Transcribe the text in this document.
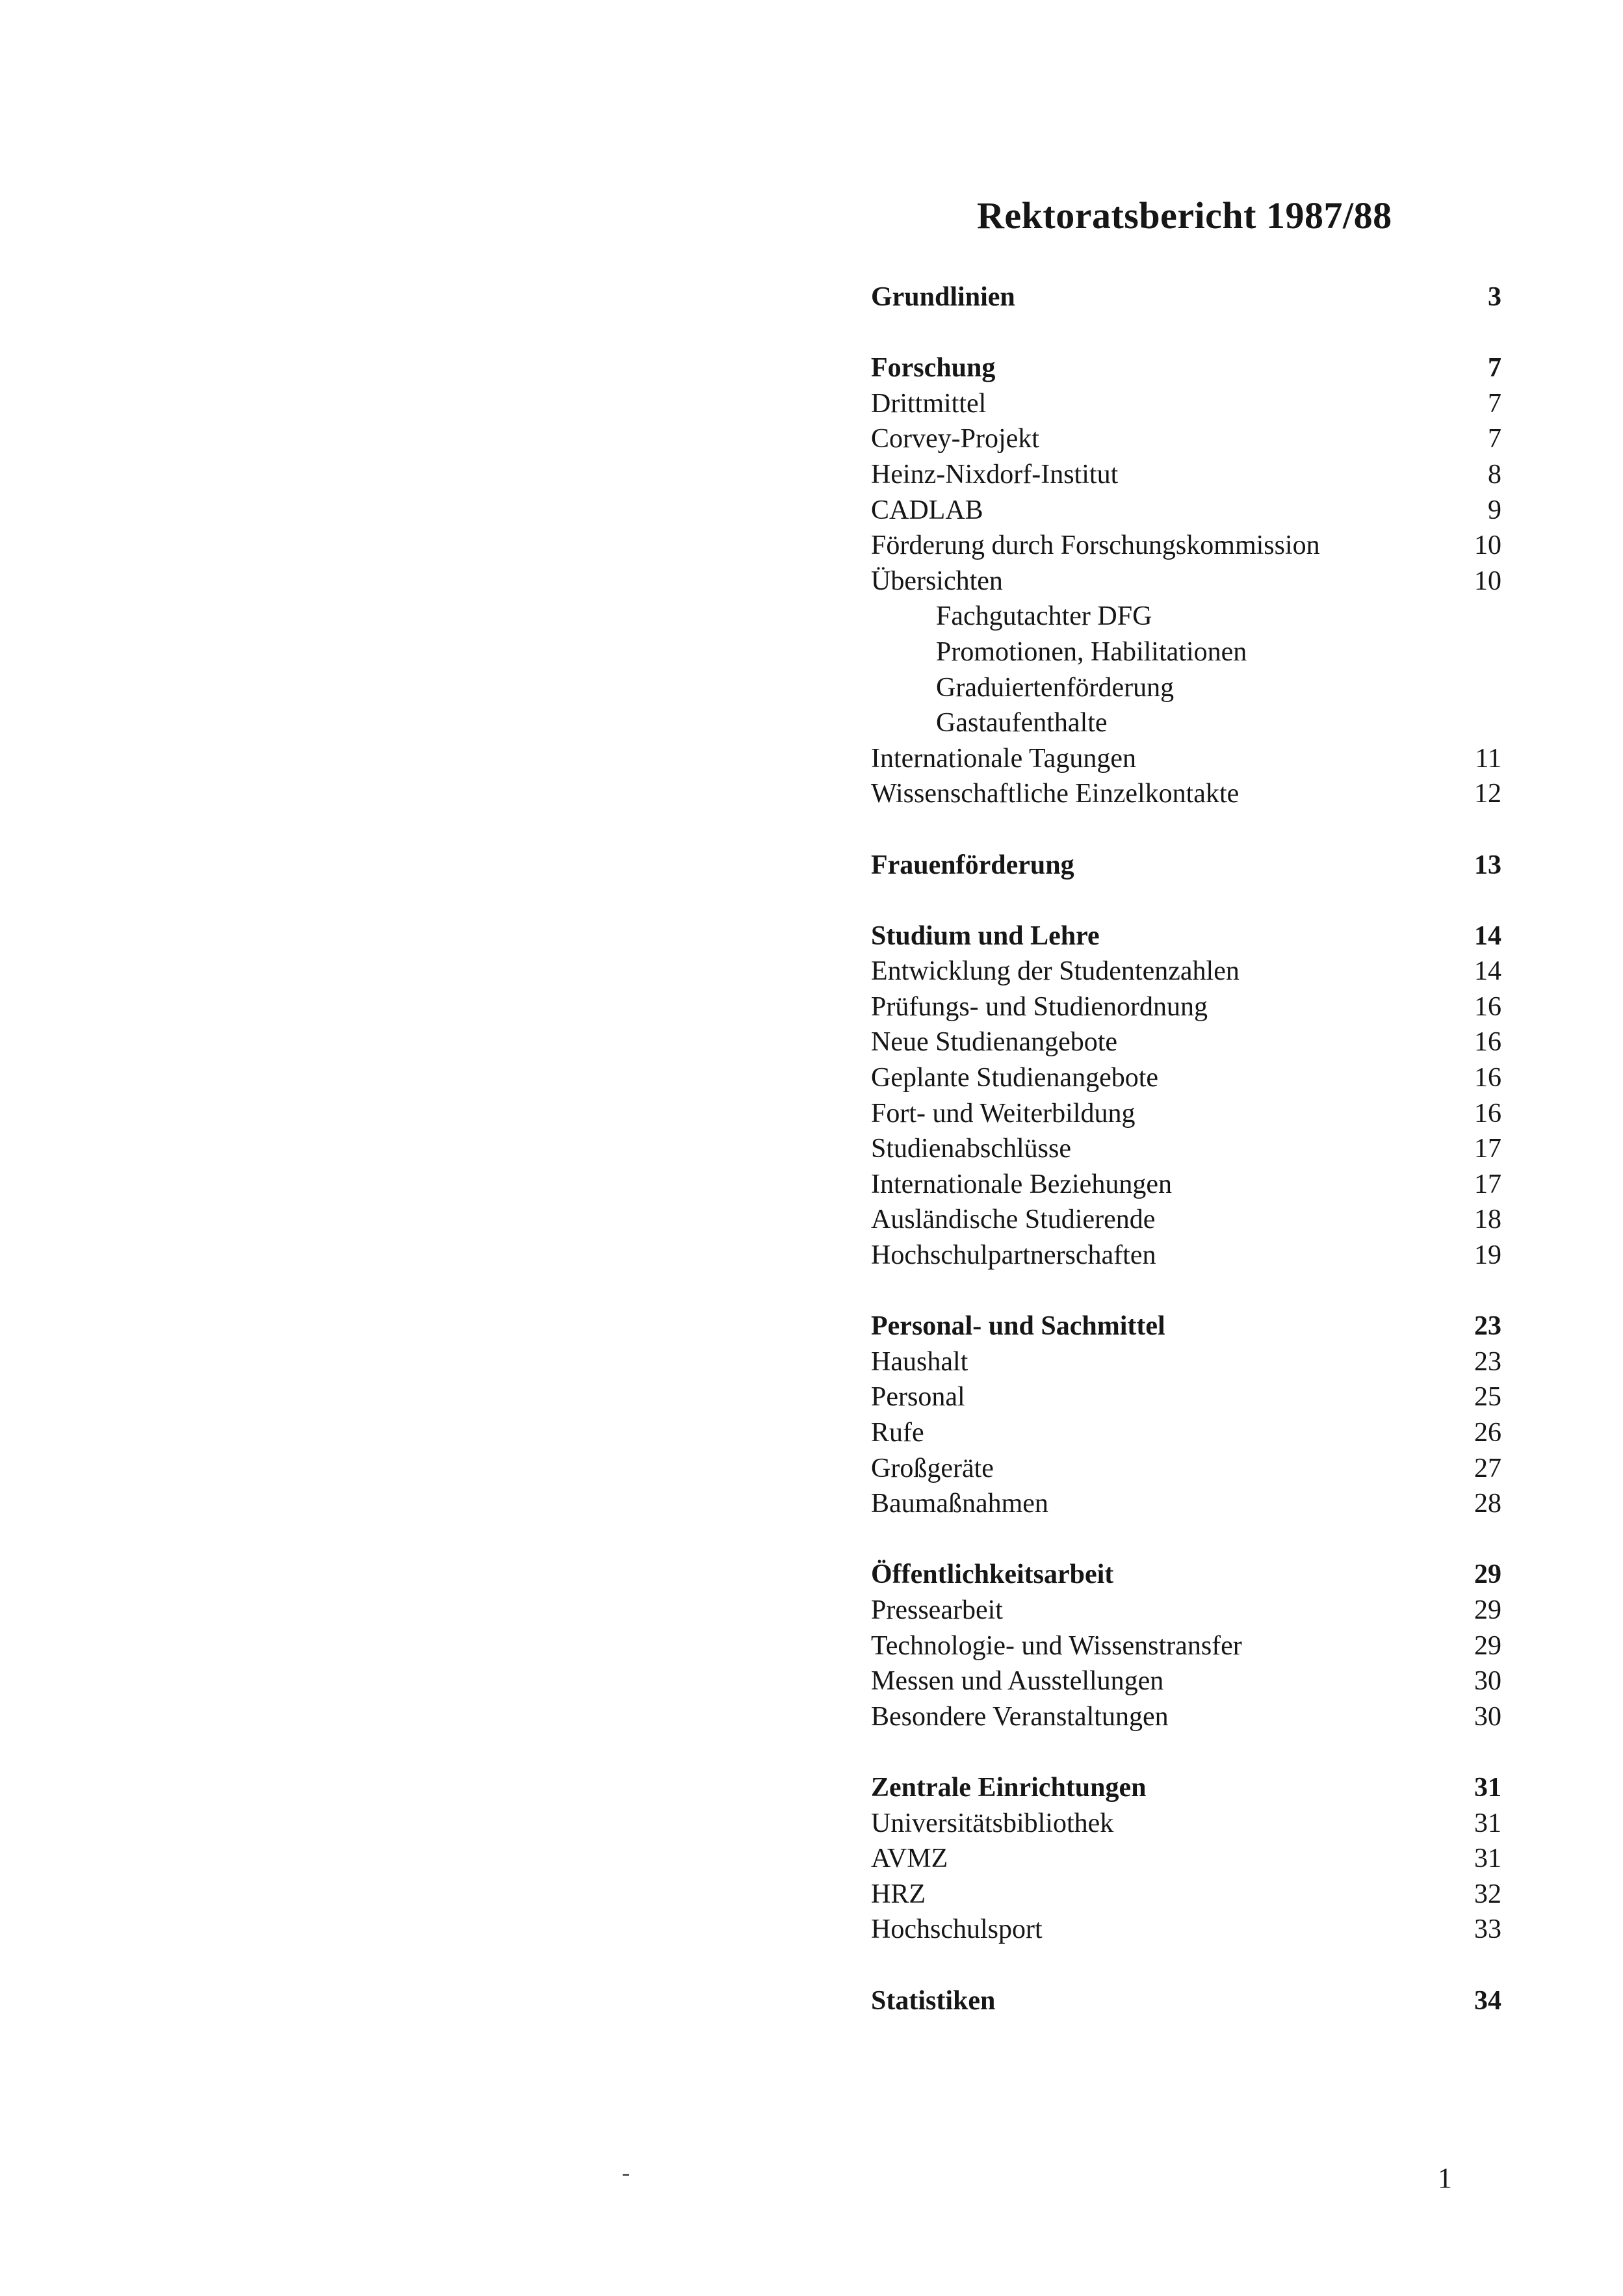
Rektoratsbericht 1987/88
Grundlinien	3
Forschung	7
Drittmittel	7
Corvey-Projekt	7
Heinz-Nixdorf-Institut	8
CADLAB	9
Förderung durch Forschungskommission	10
Übersichten	10
Fachgutachter DFG
Promotionen, Habilitationen
Graduiertenförderung
Gastaufenthalte
Internationale Tagungen	11
Wissenschaftliche Einzelkontakte	12
Frauenförderung	13
Studium und Lehre	14
Entwicklung der Studentenzahlen	14
Prüfungs- und Studienordnung	16
Neue Studienangebote	16
Geplante Studienangebote	16
Fort- und Weiterbildung	16
Studienabschlüsse	17
Internationale Beziehungen	17
Ausländische Studierende	18
Hochschulpartnerschaften	19
Personal- und Sachmittel	23
Haushalt	23
Personal	25
Rufe	26
Großgeräte	27
Baumaßnahmen	28
Öffentlichkeitsarbeit	29
Pressearbeit	29
Technologie- und Wissenstransfer	29
Messen und Ausstellungen	30
Besondere Veranstaltungen	30
Zentrale Einrichtungen	31
Universitätsbibliothek	31
AVMZ	31
HRZ	32
Hochschulsport	33
Statistiken	34
1
